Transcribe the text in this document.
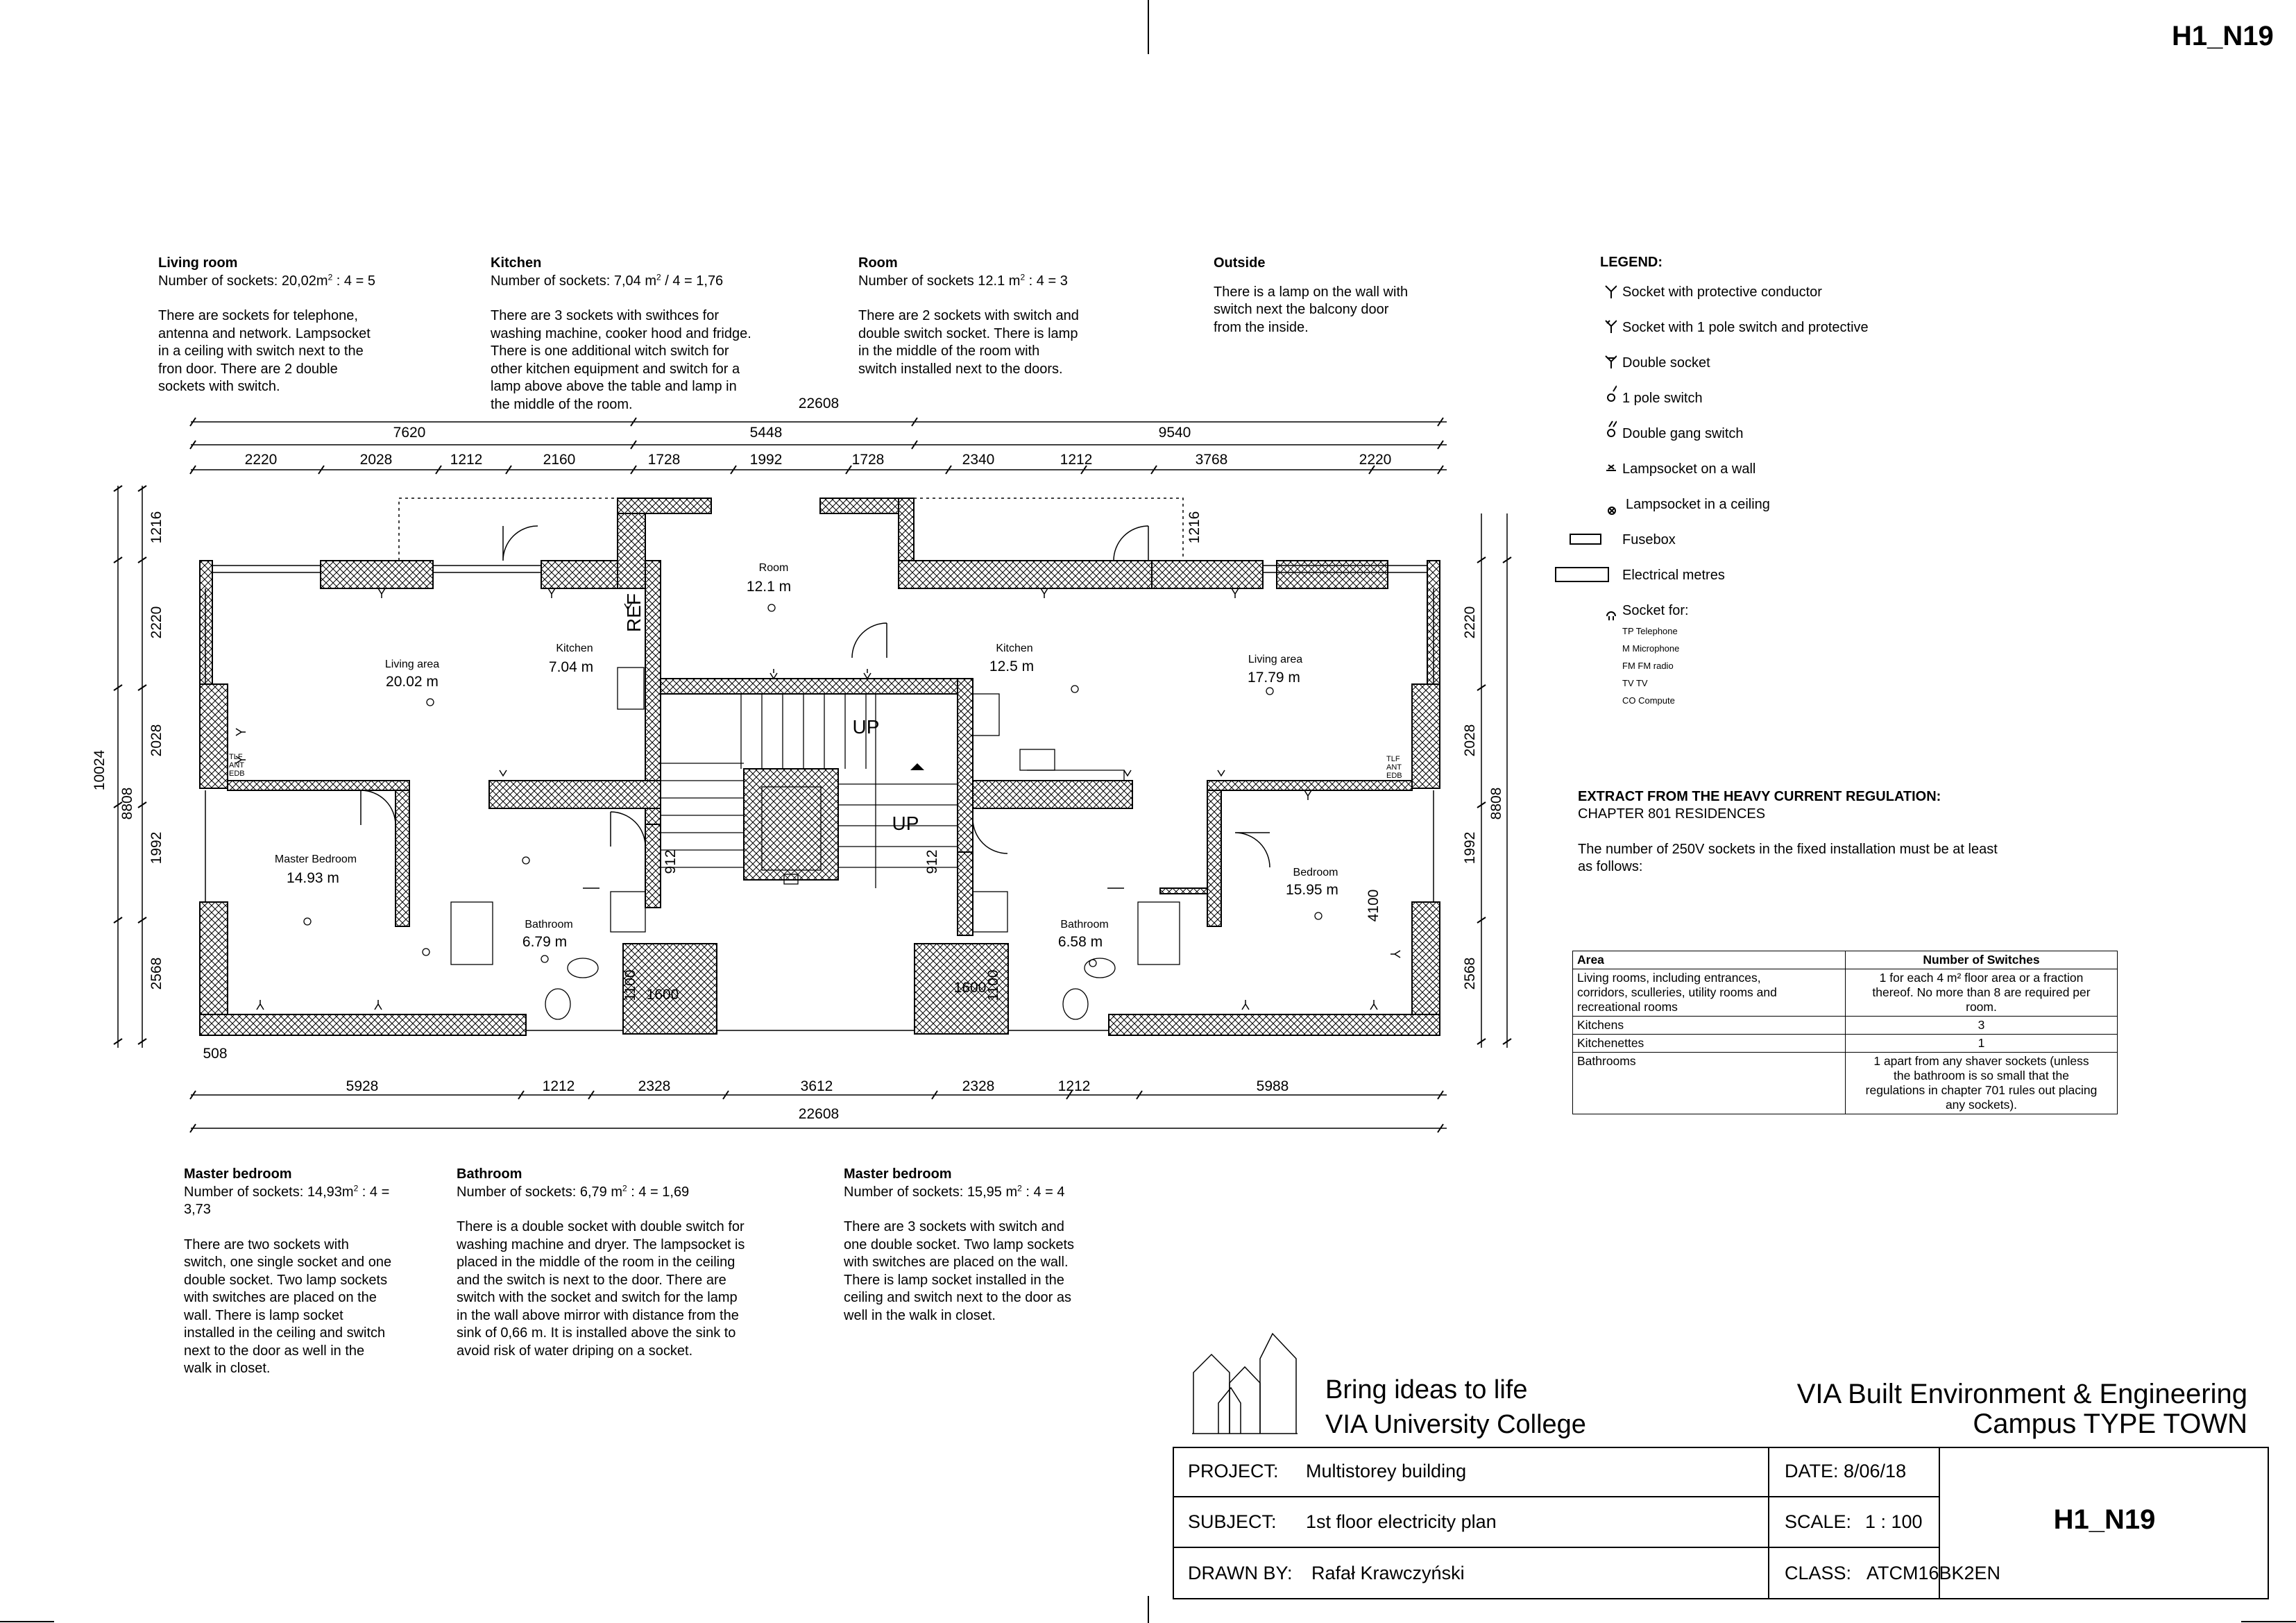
H1_N19
Living room
Number of sockets: $20,02m^2$ : 4 = 5
There are sockets for telephone,
antenna and network. Lampsocket
in a ceiling with switch next to the
fron door. There are 2 double
sockets with switch.
Kitchen
Number of sockets: 7,04 $m^2 / 4 = 1,76$
There are 3 sockets with swithces for
washing machine, cooker hood and fridge.
There is one additional witch switch for
other kitchen equipment and switch for a
lamp above above the table and lamp in
the middle of the room.
Room
Number of sockets 12.1 $m^2$ : 4 = 3
There are 2 sockets with switch and
double switch socket. There is lamp
in the middle of the room with
switch installed next to the doors.
Outside
There is a lamp on the wall with
switch next the balcony door
from the inside.
LEGEND:
Socket with protective conductor
Socket with 1 pole switch and protective
Double socket
1 pole switch
Double gang switch
Lampsocket on a wall
Lampsocket in a ceiling
Fusebox
Electrical metres
Socket for:
TP Telephone
M Microphone
FM FM radio
TV TV
CO Compute
EXTRACT FROM THE HEAVY CURRENT REGULATION:
CHAPTER 801 RESIDENCES
The number of 250V sockets in the fixed installation must be at least
as follows:
Area	Number of Switches
Living rooms, including entrances,
corridors, sculleries, utility rooms and
recreational rooms	1 for each 4 m² floor area or a fraction
thereof. No more than 8 are required per
room.
Kitchens	3
Kitchenettes	1
Bathrooms	1 apart from any shaver sockets (unless
the bathroom is so small that the
regulations in chapter 701 rules out placing
any sockets).
22608
7620	5448	9540
2220	2028	1212	2160	1728	1992	1728	2340	1212	3768	2220
508
5928	1212	2328	3612	2328	1212	5988
22608
1216
2220
2028
1992
2568
10024
8808
1216
2220
2028
1992
2568
8808
912	912
1100 1600	1600
1100
4100
REF
UP
UP
Room
12.1 m
Kitchen
7.04 m
Living area
20.02 m
Kitchen
12.5 m	Living area
17.79 m
Master Bedroom
14.93 m
Bathroom
6.79 m
Bathroom
6.58 m
Bedroom
15.95 m
TLF
ANT
EDB
TLF
ANT
EDB
Master bedroom
Number of sockets: $14,93m^2$ : 4 =
3,73
There are two sockets with
switch, one single socket and one
double socket. Two lamp sockets
with switches are placed on the
wall. There is lamp socket
installed in the ceiling and switch
next to the door as well in the
walk in closet.
Bathroom
Number of sockets: 6,79 $m^2$ : 4 = 1,69
There is a double socket with double switch for
washing machine and dryer. The lampsocket is
placed in the middle of the room in the ceiling
and the switch is next to the door. There are
switch with the socket and switch for the lamp
in the wall above mirror with distance from the
sink of 0,66 m. It is installed above the sink to
avoid risk of water driping on a socket.
Master bedroom
Number of sockets: 15,95 $m^2$ : 4 = 4
There are 3 sockets with switch and
one double socket. Two lamp sockets
with switches are placed on the wall.
There is lamp socket installed in the
ceiling and switch next to the door as
well in the walk in closet.
Bring ideas to life
VIA University College
VIA Built Environment & Engineering
Campus TYPE TOWN
PROJECT: Multistorey building
SUBJECT: 1st floor electricity plan
DRAWN BY: Rafał Krawczyński
DATE: 8/06/18
SCALE: 1 : 100
CLASS: ATCM16BK2EN
H1_N19
